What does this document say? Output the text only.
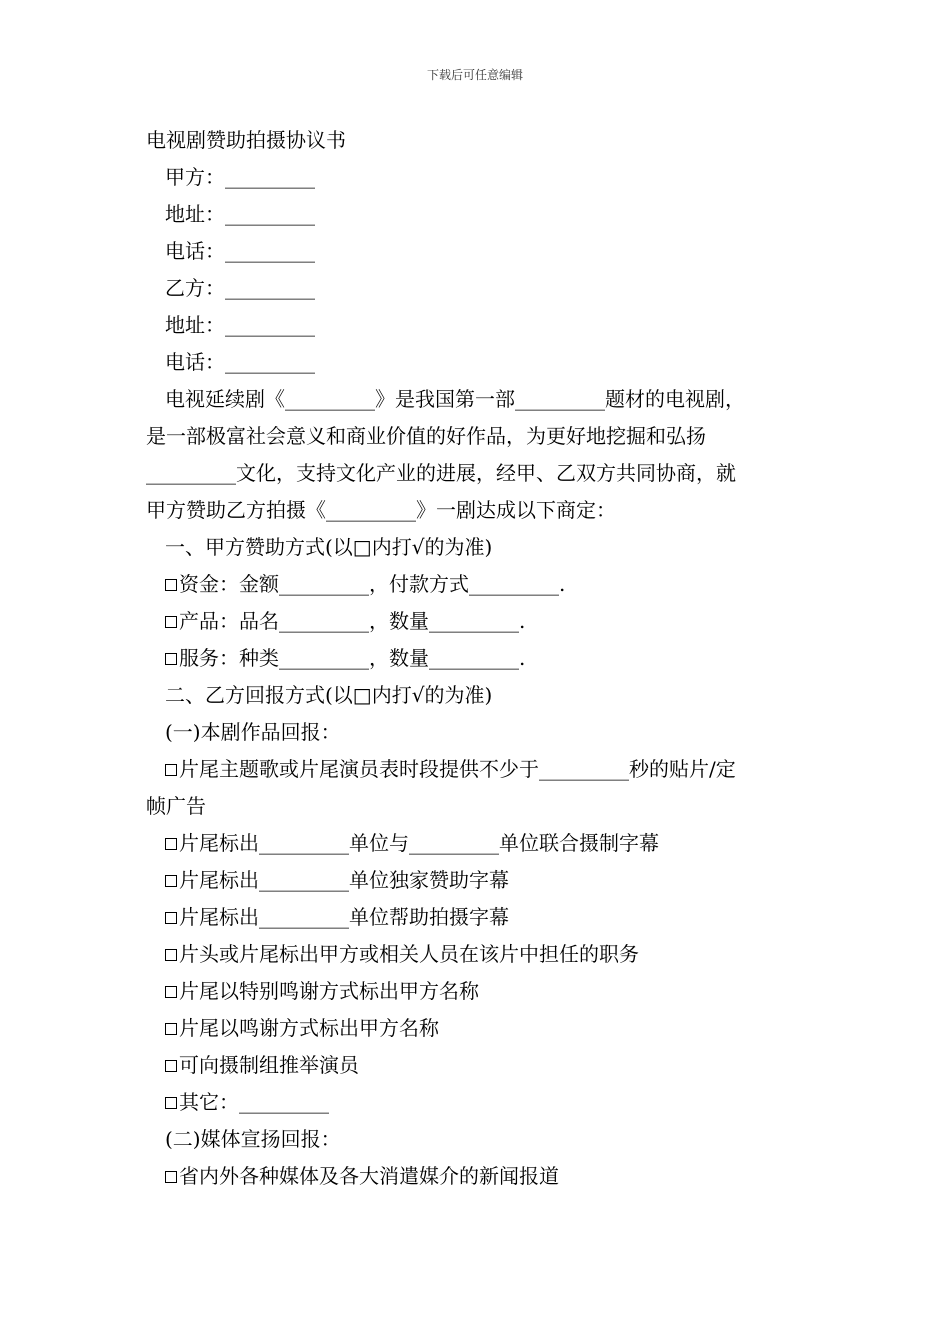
下载后可任意编辑
电视剧赞助拍摄协议书
甲方：_________
地址：_________
电话：_________
乙方：_________
地址：_________
电话：_________
电视延续剧《_________》是我国第一部_________题材的电视剧，
是一部极富社会意义和商业价值的好作品，为更好地挖掘和弘扬
_________文化，支持文化产业的进展，经甲、乙双方共同协商，就
甲方赞助乙方拍摄《_________》一剧达成以下商定：
一、甲方赞助方式(以□内打√的为准)
资金：金额_________，付款方式_________.
产品：品名_________，数量_________.
服务：种类_________，数量_________.
二、乙方回报方式(以□内打√的为准)
(一)本剧作品回报：
片尾主题歌或片尾演员表时段提供不少于_________秒的贴片/定
帧广告
片尾标出_________单位与_________单位联合摄制字幕
片尾标出_________单位独家赞助字幕
片尾标出_________单位帮助拍摄字幕
片头或片尾标出甲方或相关人员在该片中担任的职务
片尾以特别鸣谢方式标出甲方名称
片尾以鸣谢方式标出甲方名称
可向摄制组推举演员
其它：_________
(二)媒体宣扬回报：
省内外各种媒体及各大消遣媒介的新闻报道
